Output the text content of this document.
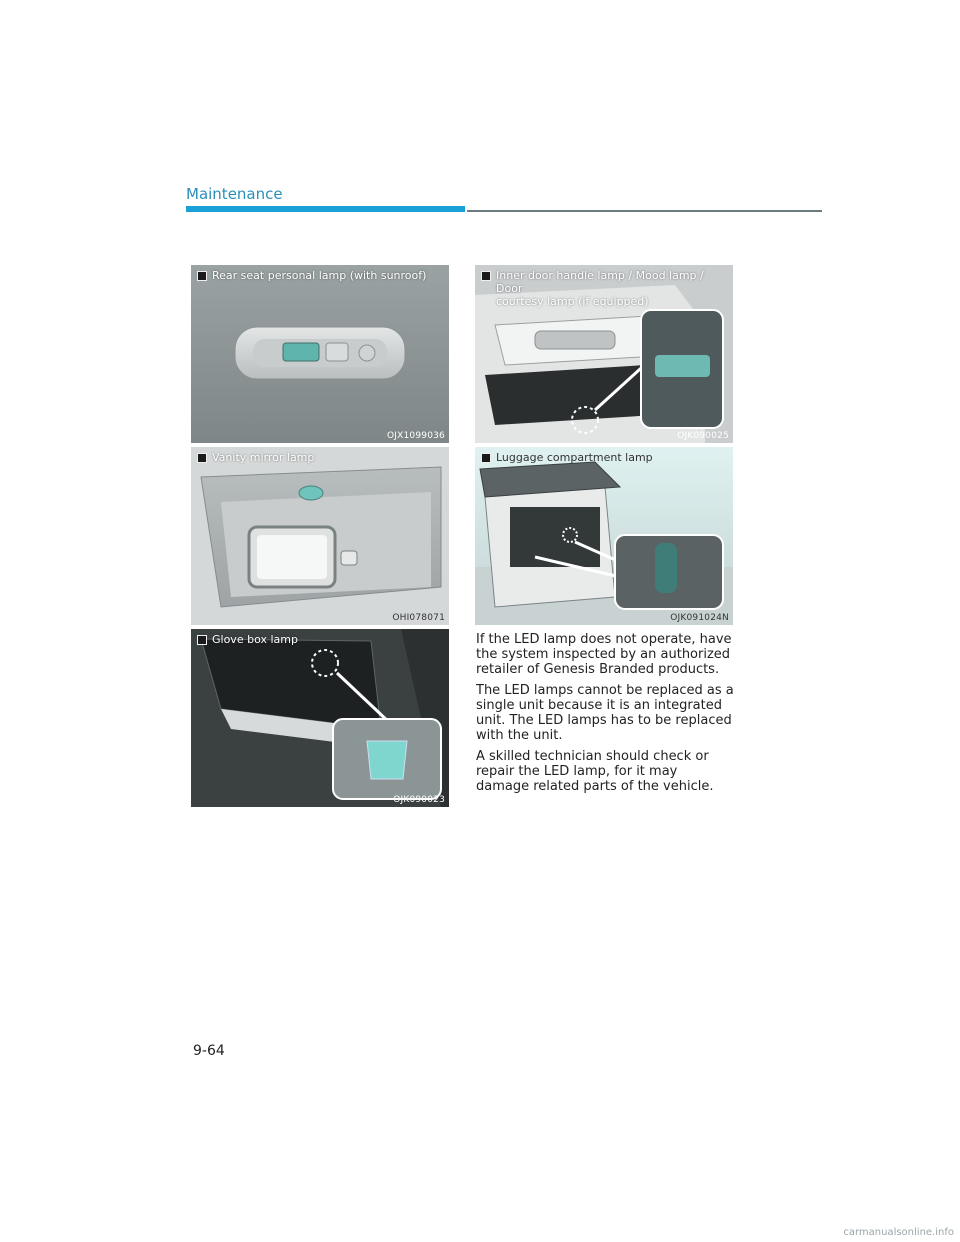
Maintenance
Rear seat personal lamp (with sunroof)
OJX1099036
Inner door handle lamp / Mood lamp / Door
courtesy lamp (if equipped)
OJK090025
Vanity mirror lamp
OHI078071
Luggage compartment lamp
OJK091024N
Glove box lamp
OJK090023

If the LED lamp does not operate, have the system inspected by an authorized retailer of Genesis Branded products.

The LED lamps cannot be replaced as a single unit because it is an integrated unit. The LED lamps has to be replaced with the unit.

A skilled technician should check or repair the LED lamp, for it may damage related parts of the vehicle.

9-64
carmanualsonline.info
